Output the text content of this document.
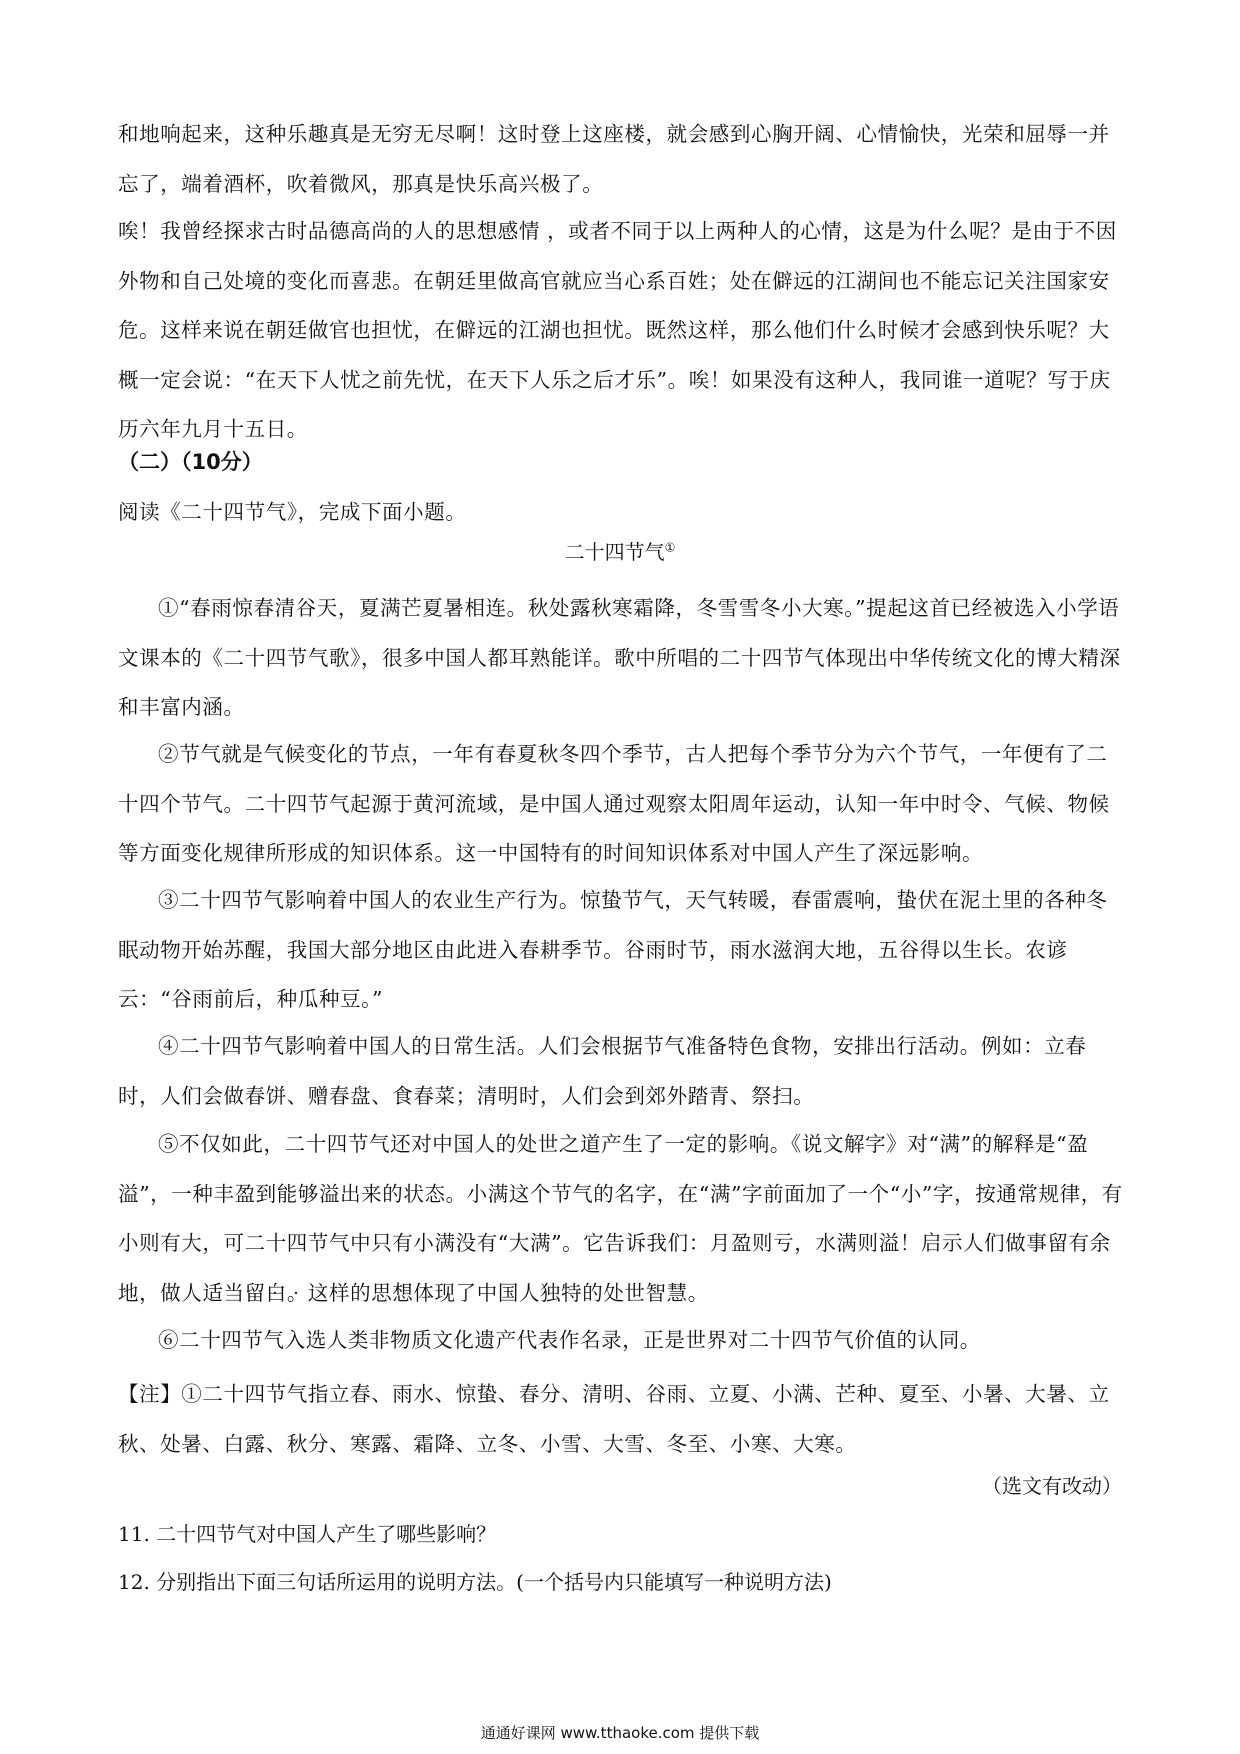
和地响起来，这种乐趣真是无穷无尽啊！这时登上这座楼，就会感到心胸开阔、心情愉快，光荣和屈辱一并忘了，端着酒杯，吹着微风，那真是快乐高兴极了。

唉！我曾经探求古时品德高尚的人的思想感情 ，或者不同于以上两种人的心情，这是为什么呢？是由于不因外物和自己处境的变化而喜悲。在朝廷里做高官就应当心系百姓；处在僻远的江湖间也不能忘记关注国家安危。这样来说在朝廷做官也担忧，在僻远的江湖也担忧。既然这样，那么他们什么时候才会感到快乐呢？大概一定会说：“在天下人忧之前先忧，在天下人乐之后才乐”。唉！如果没有这种人，我同谁一道呢？写于庆历六年九月十五日。

（二）（10分）

阅读《二十四节气》，完成下面小题。

二十四节气①

①“春雨惊春清谷天，夏满芒夏暑相连。秋处露秋寒霜降，冬雪雪冬小大寒。”提起这首已经被选入小学语文课本的《二十四节气歌》，很多中国人都耳熟能详。歌中所唱的二十四节气体现出中华传统文化的博大精深和丰富内涵。

②节气就是气候变化的节点，一年有春夏秋冬四个季节，古人把每个季节分为六个节气，一年便有了二十四个节气。二十四节气起源于黄河流域，是中国人通过观察太阳周年运动，认知一年中时令、气候、物候等方面变化规律所形成的知识体系。这一中国特有的时间知识体系对中国人产生了深远影响。

③二十四节气影响着中国人的农业生产行为。惊蛰节气，天气转暖，春雷震响，蛰伏在泥土里的各种冬眠动物开始苏醒，我国大部分地区由此进入春耕季节。谷雨时节，雨水滋润大地，五谷得以生长。农谚云：“谷雨前后，种瓜种豆。”

④二十四节气影响着中国人的日常生活。人们会根据节气准备特色食物，安排出行活动。例如：立春时，人们会做春饼、赠春盘、食春菜；清明时，人们会到郊外踏青、祭扫。

⑤不仅如此，二十四节气还对中国人的处世之道产生了一定的影响。《说文解字》对“满”的解释是“盈溢”，一种丰盈到能够溢出来的状态。小满这个节气的名字，在“满”字前面加了一个“小”字，按通常规律，有小则有大，可二十四节气中只有小满没有“大满”。它告诉我们：月盈则亏，水满则溢！启示人们做事留有余地，做人适当留 ·白 ·。这样的思想体现了中国人独特的处世智慧。

⑥二十四节气入选人类非物质文化遗产代表作名录，正是世界对二十四节气价值的认同。

【注】①二十四节气指立春、雨水、惊蛰、春分、清明、谷雨、立夏、小满、芒种、夏至、小暑、大暑、立秋、处暑、白露、秋分、寒露、霜降、立冬、小雪、大雪、冬至、小寒、大寒。

（选文有改动）
11. 二十四节气对中国人产生了哪些影响？
12. 分别指出下面三句话所运用的说明方法。(一个括号内只能填写一种说明方法)
通通好课网 www.tthaoke.com 提供下载
